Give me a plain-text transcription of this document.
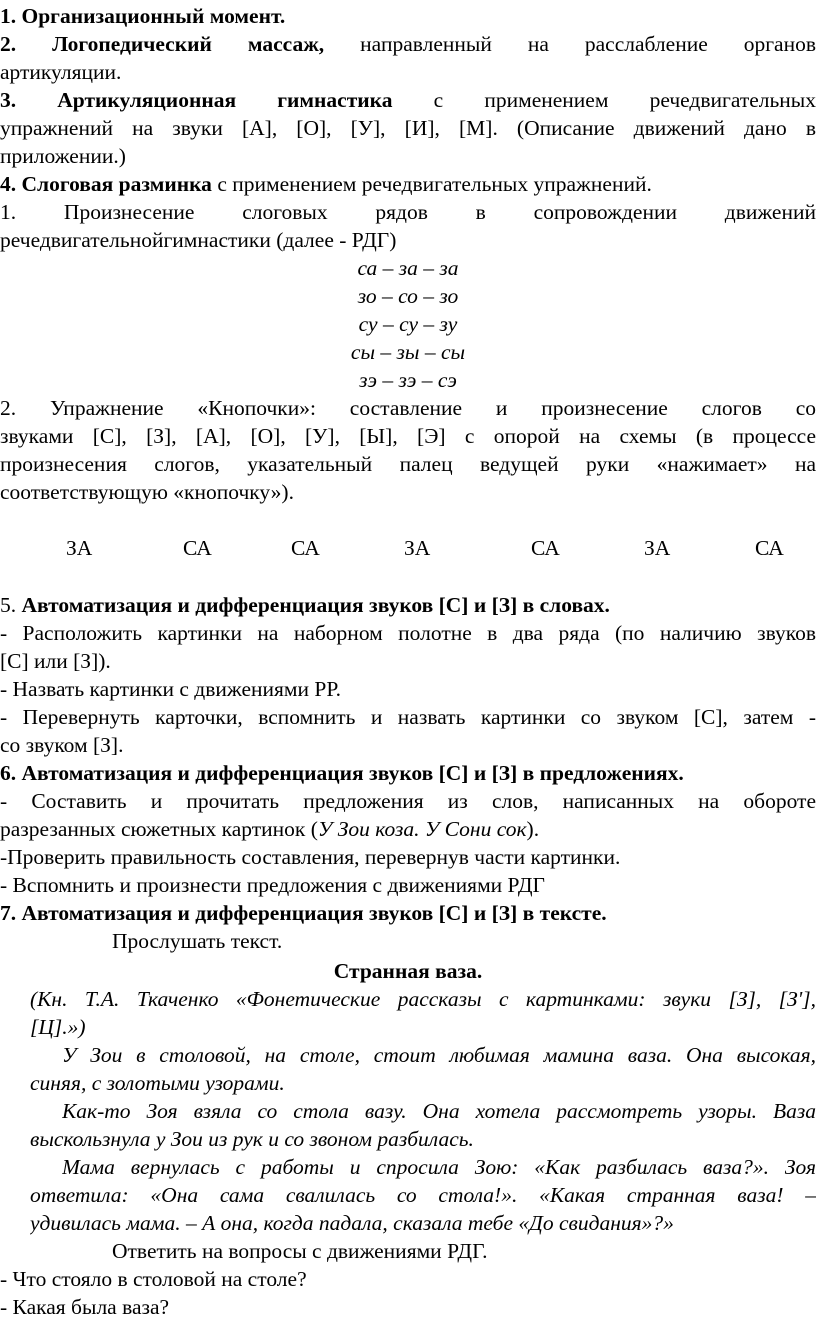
1. Организационный момент.
2. Логопедический массаж, направленный на расслабление органов
артикуляции.
3. Артикуляционная гимнастика с применением речедвигательных
упражнений на звуки [А], [О], [У], [И], [М]. (Описание движений дано в
приложении.)
4. Слоговая разминка с применением речедвигательных упражнений.
1. Произнесение слоговых рядов в сопровождении движений
речедвигательнойгимнастики (далее - РДГ)
са – за – за
зо – со – зо
су – су – зу
сы – зы – сы
зэ – зэ – сэ
2. Упражнение «Кнопочки»: составление и произнесение слогов со
звуками [С], [З], [А], [О], [У], [Ы], [Э] с опорой на схемы (в процессе
произнесения слогов, указательный палец ведущей руки «нажимает» на
соответствующую «кнопочку»).
ЗА	СА	СА	ЗА	СА	ЗА	СА
5. Автоматизация и дифференциация звуков [С] и [З] в словах.
- Расположить картинки на наборном полотне в два ряда (по наличию звуков
[С] или [З]).
- Назвать картинки с движениями РР.
- Перевернуть карточки, вспомнить и назвать картинки со звуком [С], затем -
со звуком [З].
6. Автоматизация и дифференциация звуков [С] и [З] в предложениях.
- Составить и прочитать предложения из слов, написанных на обороте
разрезанных сюжетных картинок (У Зои коза. У Сони сок).
-Проверить правильность составления, перевернув части картинки.
- Вспомнить и произнести предложения с движениями РДГ
7. Автоматизация и дифференциация звуков [С] и [З] в тексте.
Прослушать текст.
Странная ваза.
(Кн. Т.А. Ткаченко «Фонетические рассказы с картинками: звуки [З], [З'],
[Ц].»)
У Зои в столовой, на столе, стоит любимая мамина ваза. Она высокая,
синяя, с золотыми узорами.
Как-то Зоя взяла со стола вазу. Она хотела рассмотреть узоры. Ваза
выскользнула у Зои из рук и со звоном разбилась.
Мама вернулась с работы и спросила Зою: «Как разбилась ваза?». Зоя
ответила: «Она сама свалилась со стола!». «Какая странная ваза! –
удивилась мама. – А она, когда падала, сказала тебе «До свидания»?»
Ответить на вопросы с движениями РДГ.
- Что стояло в столовой на столе?
- Какая была ваза?
